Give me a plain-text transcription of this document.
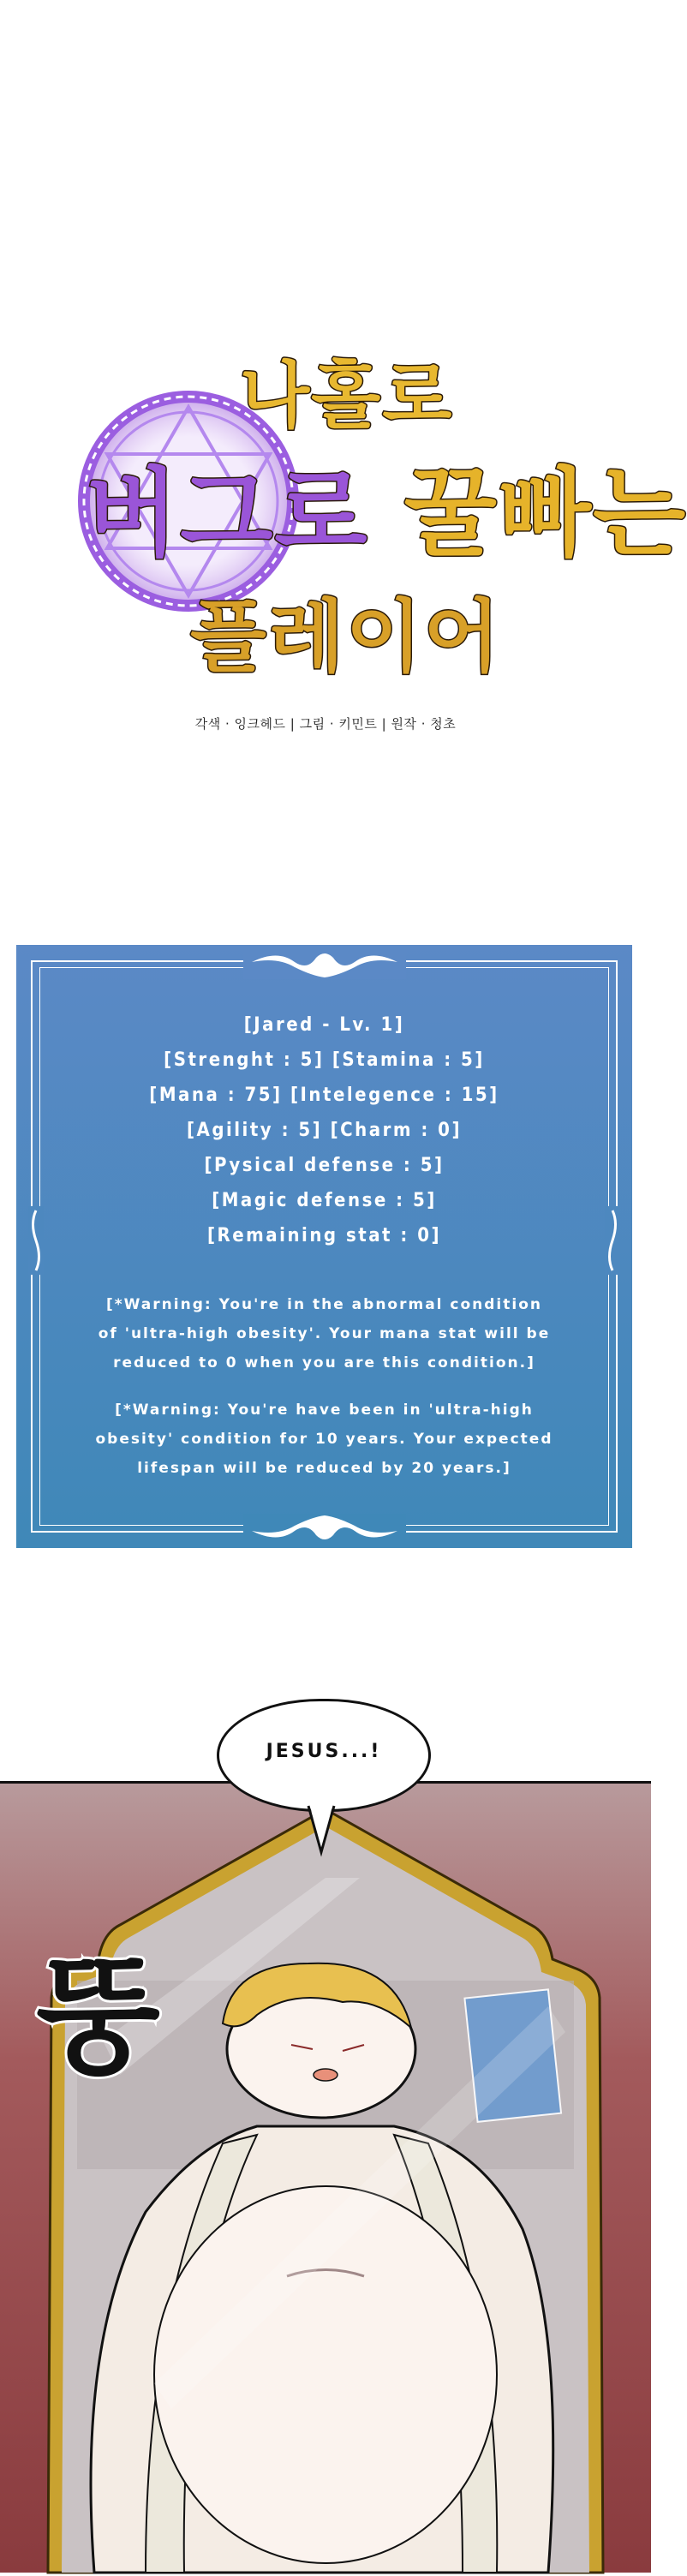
나홀로
버그로 꿀빠는
플레이어
각색 · 잉크헤드 | 그림 · 키민트 | 원작 · 청초
[Jared - Lv. 1]
[Strenght : 5] [Stamina : 5]
[Mana : 75] [Intelegence : 15]
[Agility : 5] [Charm : 0]
[Pysical defense : 5]
[Magic defense : 5]
[Remaining stat : 0]
[*Warning: You're in the abnormal condition
of 'ultra-high obesity'. Your mana stat will be
reduced to 0 when you are this condition.]
[*Warning: You're have been in 'ultra-high
obesity' condition for 10 years. Your expected
lifespan will be reduced by 20 years.]
JESUS...!
뚱
